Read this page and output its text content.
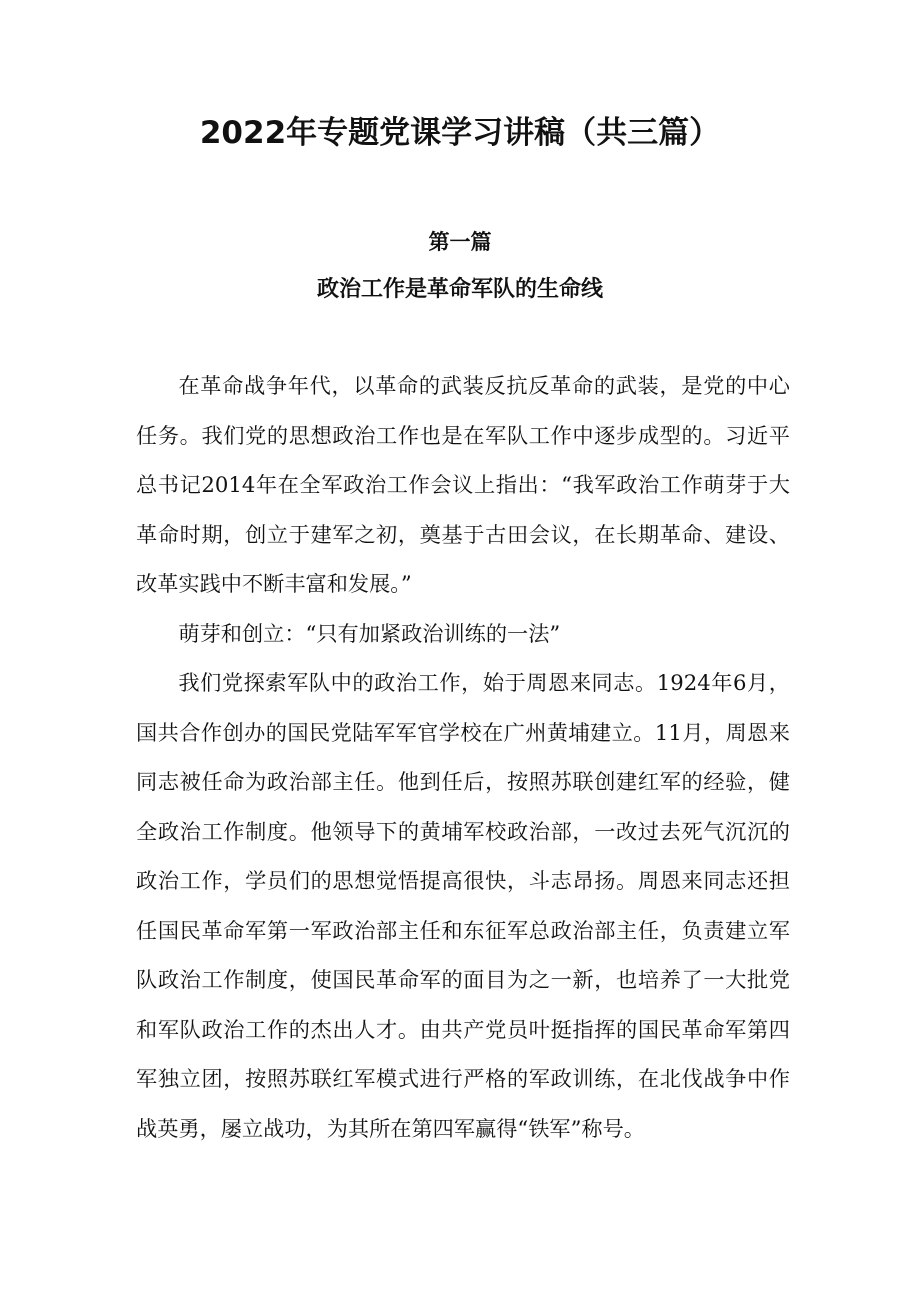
2022年专题党课学习讲稿（共三篇）
第一篇
政治工作是革命军队的生命线

在革命战争年代，以革命的武装反抗反革命的武装，是党的中心任务。我们党的思想政治工作也是在军队工作中逐步成型的。习近平总书记2014年在全军政治工作会议上指出：“我军政治工作萌芽于大革命时期，创立于建军之初，奠基于古田会议，在长期革命、建设、改革实践中不断丰富和发展。”

萌芽和创立：“只有加紧政治训练的一法”

我们党探索军队中的政治工作，始于周恩来同志。1924年6月，国共合作创办的国民党陆军军官学校在广州黄埔建立。11月，周恩来同志被任命为政治部主任。他到任后，按照苏联创建红军的经验，健全政治工作制度。他领导下的黄埔军校政治部，一改过去死气沉沉的政治工作，学员们的思想觉悟提高很快，斗志昂扬。周恩来同志还担任国民革命军第一军政治部主任和东征军总政治部主任，负责建立军队政治工作制度，使国民革命军的面目为之一新，也培养了一大批党和军队政治工作的杰出人才。由共产党员叶挺指挥的国民革命军第四军独立团，按照苏联红军模式进行严格的军政训练，在北伐战争中作战英勇，屡立战功，为其所在第四军赢得“铁军”称号。
